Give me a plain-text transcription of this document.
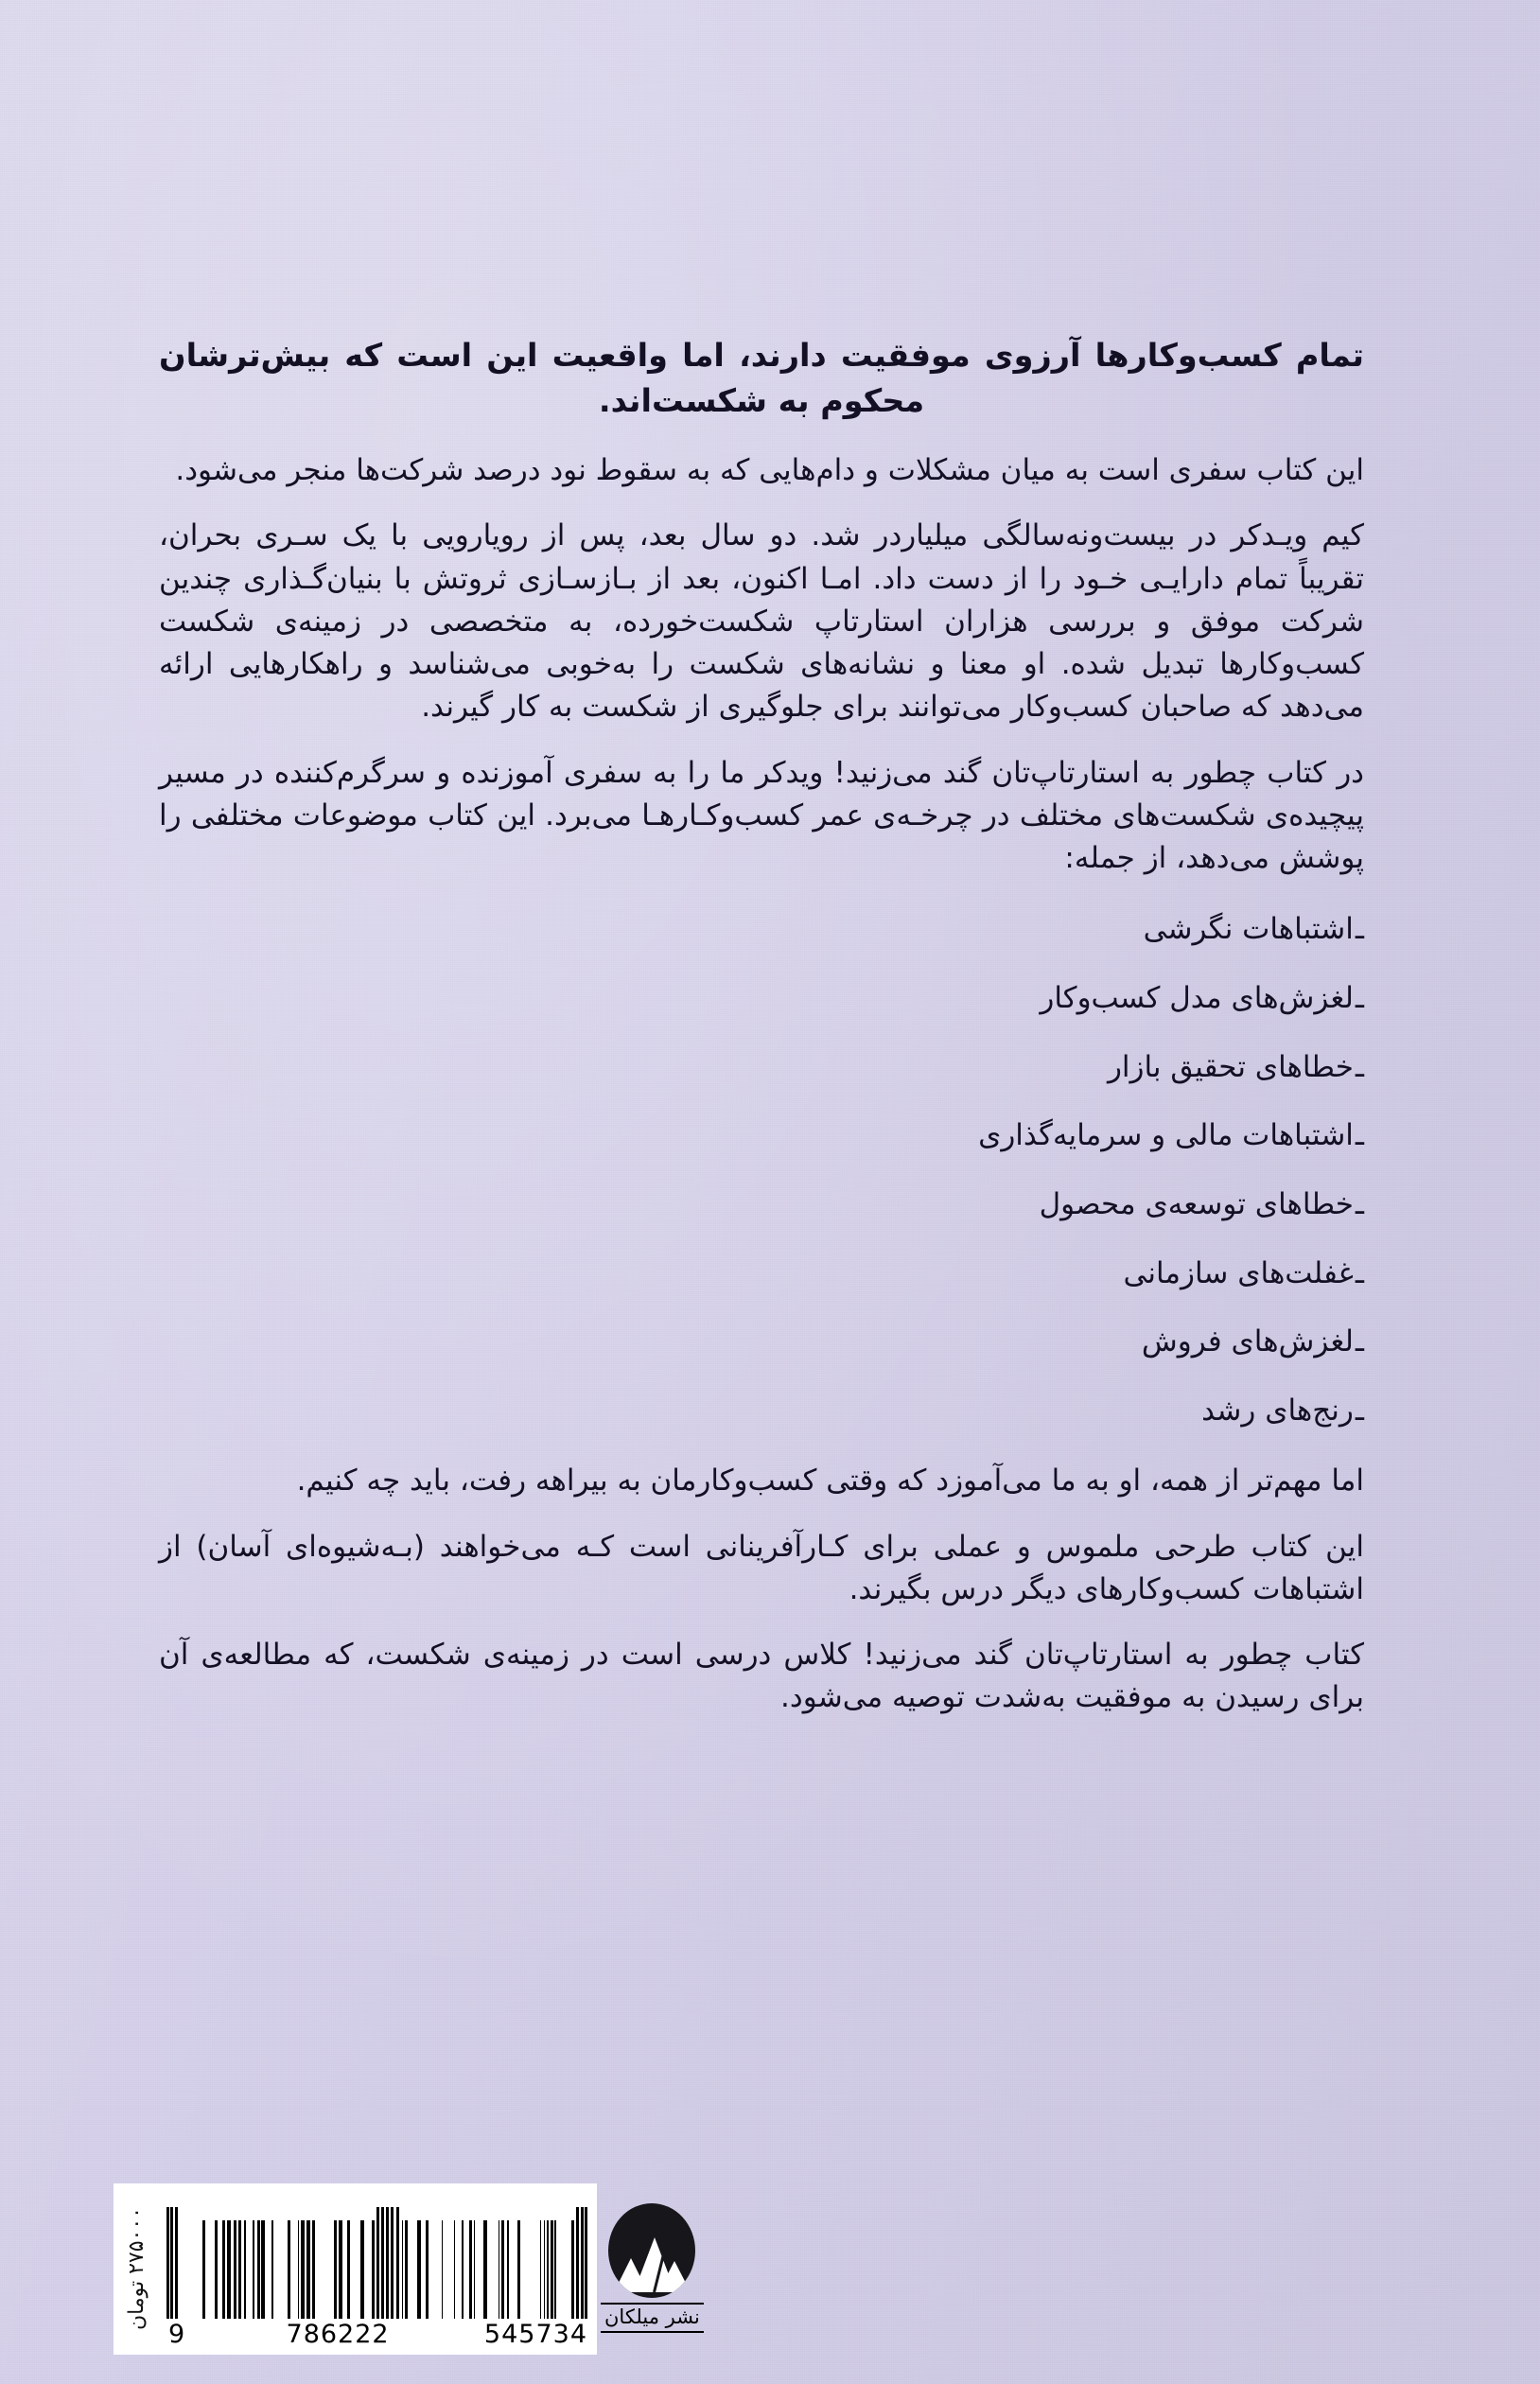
تمام کسب‌وکارها آرزوی موفقیت دارند، اما واقعیت این است که بیش‌ترشان محکوم به شکست‌اند.

این کتاب سفری است به میان مشکلات و دام‌هایی که به سقوط نود درصد شرکت‌ها منجر می‌شود.

کیم ویـدکر در بیست‌ونه‌سالگی میلیاردر شد. دو سال بعد، پس از رویارویی با یک سـری بحران، تقریباً تمام دارایـی خـود را از دست داد. امـا اکنون، بعد از بـازسـازی ثروتش با بنیان‌گـذاری چندین شرکت موفق و بررسی هزاران استارتاپ شکست‌خورده، به متخصصی در زمینه‌ی شکست کسب‌وکارها تبدیل شده. او معنا و نشانه‌های شکست را به‌خوبی می‌شناسد و راهکارهایی ارائه می‌دهد که صاحبان کسب‌وکار می‌توانند برای جلوگیری از شکست به کار گیرند.

در کتاب چطور به استارتاپ‌تان گند می‌زنید! ویدکر ما را به سفری آموزنده و سرگرم‌کننده در مسیر پیچیده‌ی شکست‌های مختلف در چرخـه‌ی عمر کسب‌وکـارهـا می‌برد. این کتاب موضوعات مختلفی را پوشش می‌دهد، از جمله:

ـاشتباهات نگرشی
ـلغزش‌های مدل کسب‌وکار
ـخطاهای تحقیق بازار
ـاشتباهات مالی و سرمایه‌گذاری
ـخطاهای توسعه‌ی محصول
ـغفلت‌های سازمانی
ـلغزش‌های فروش
ـرنج‌های رشد

اما مهم‌تر از همه، او به ما می‌آموزد که وقتی کسب‌وکارمان به بیراهه رفت، باید چه کنیم.

این کتاب طرحی ملموس و عملی برای کـارآفرینانی است کـه می‌خواهند (بـه‌شیوه‌ای آسان) از اشتباهات کسب‌وکارهای دیگر درس بگیرند.

کتاب چطور به استارتاپ‌تان گند می‌زنید! کلاس درسی است در زمینه‌ی شکست، که مطالعه‌ی آن برای رسیدن به موفقیت به‌شدت توصیه می‌شود.

۲۷۵۰۰۰ تومان
9	786222	545734
نشر میلکان
